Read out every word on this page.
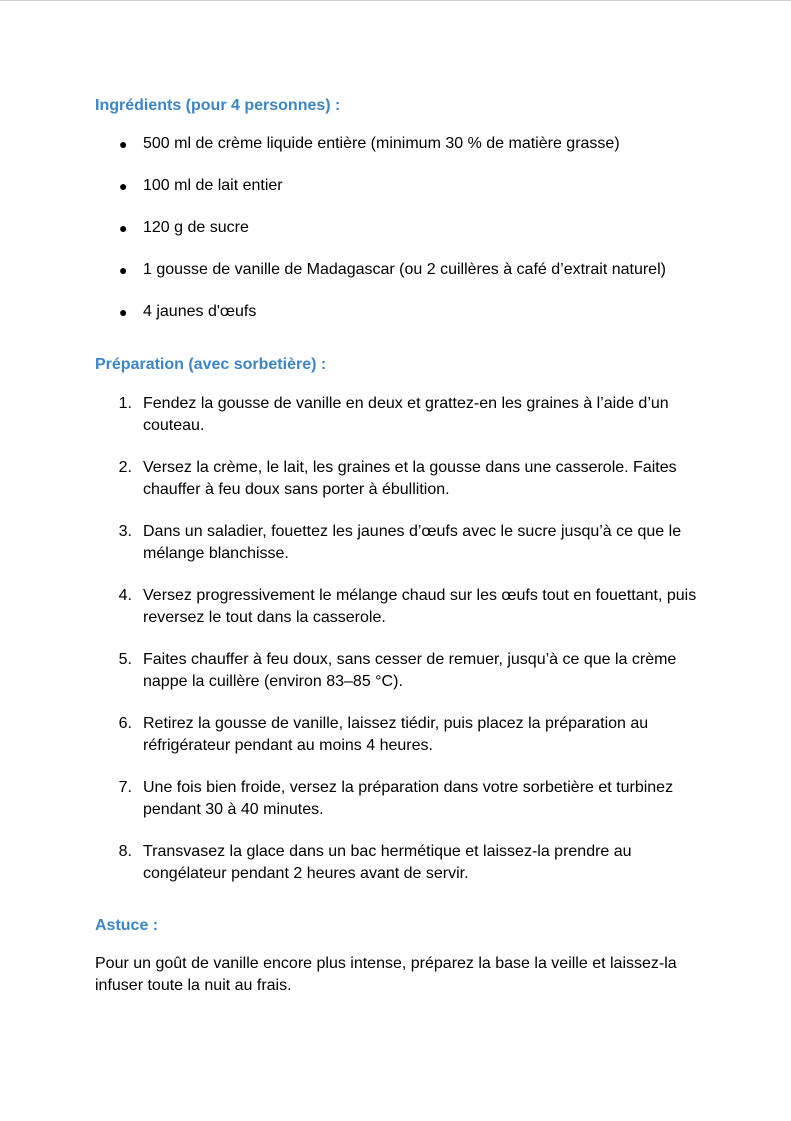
Ingrédients (pour 4 personnes) :
● 500 ml de crème liquide entière (minimum 30 % de matière grasse)
● 100 ml de lait entier
● 120 g de sucre
● 1 gousse de vanille de Madagascar (ou 2 cuillères à café d’extrait naturel)
● 4 jaunes d'œufs
Préparation (avec sorbetière) :
1. Fendez la gousse de vanille en deux et grattez-en les graines à l’aide d’un couteau.
2. Versez la crème, le lait, les graines et la gousse dans une casserole. Faites chauffer à feu doux sans porter à ébullition.
3. Dans un saladier, fouettez les jaunes d’œufs avec le sucre jusqu’à ce que le mélange blanchisse.
4. Versez progressivement le mélange chaud sur les œufs tout en fouettant, puis reversez le tout dans la casserole.
5. Faites chauffer à feu doux, sans cesser de remuer, jusqu’à ce que la crème nappe la cuillère (environ 83–85 °C).
6. Retirez la gousse de vanille, laissez tiédir, puis placez la préparation au réfrigérateur pendant au moins 4 heures.
7. Une fois bien froide, versez la préparation dans votre sorbetière et turbinez pendant 30 à 40 minutes.
8. Transvasez la glace dans un bac hermétique et laissez-la prendre au congélateur pendant 2 heures avant de servir.
Astuce :

Pour un goût de vanille encore plus intense, préparez la base la veille et laissez-la infuser toute la nuit au frais.
